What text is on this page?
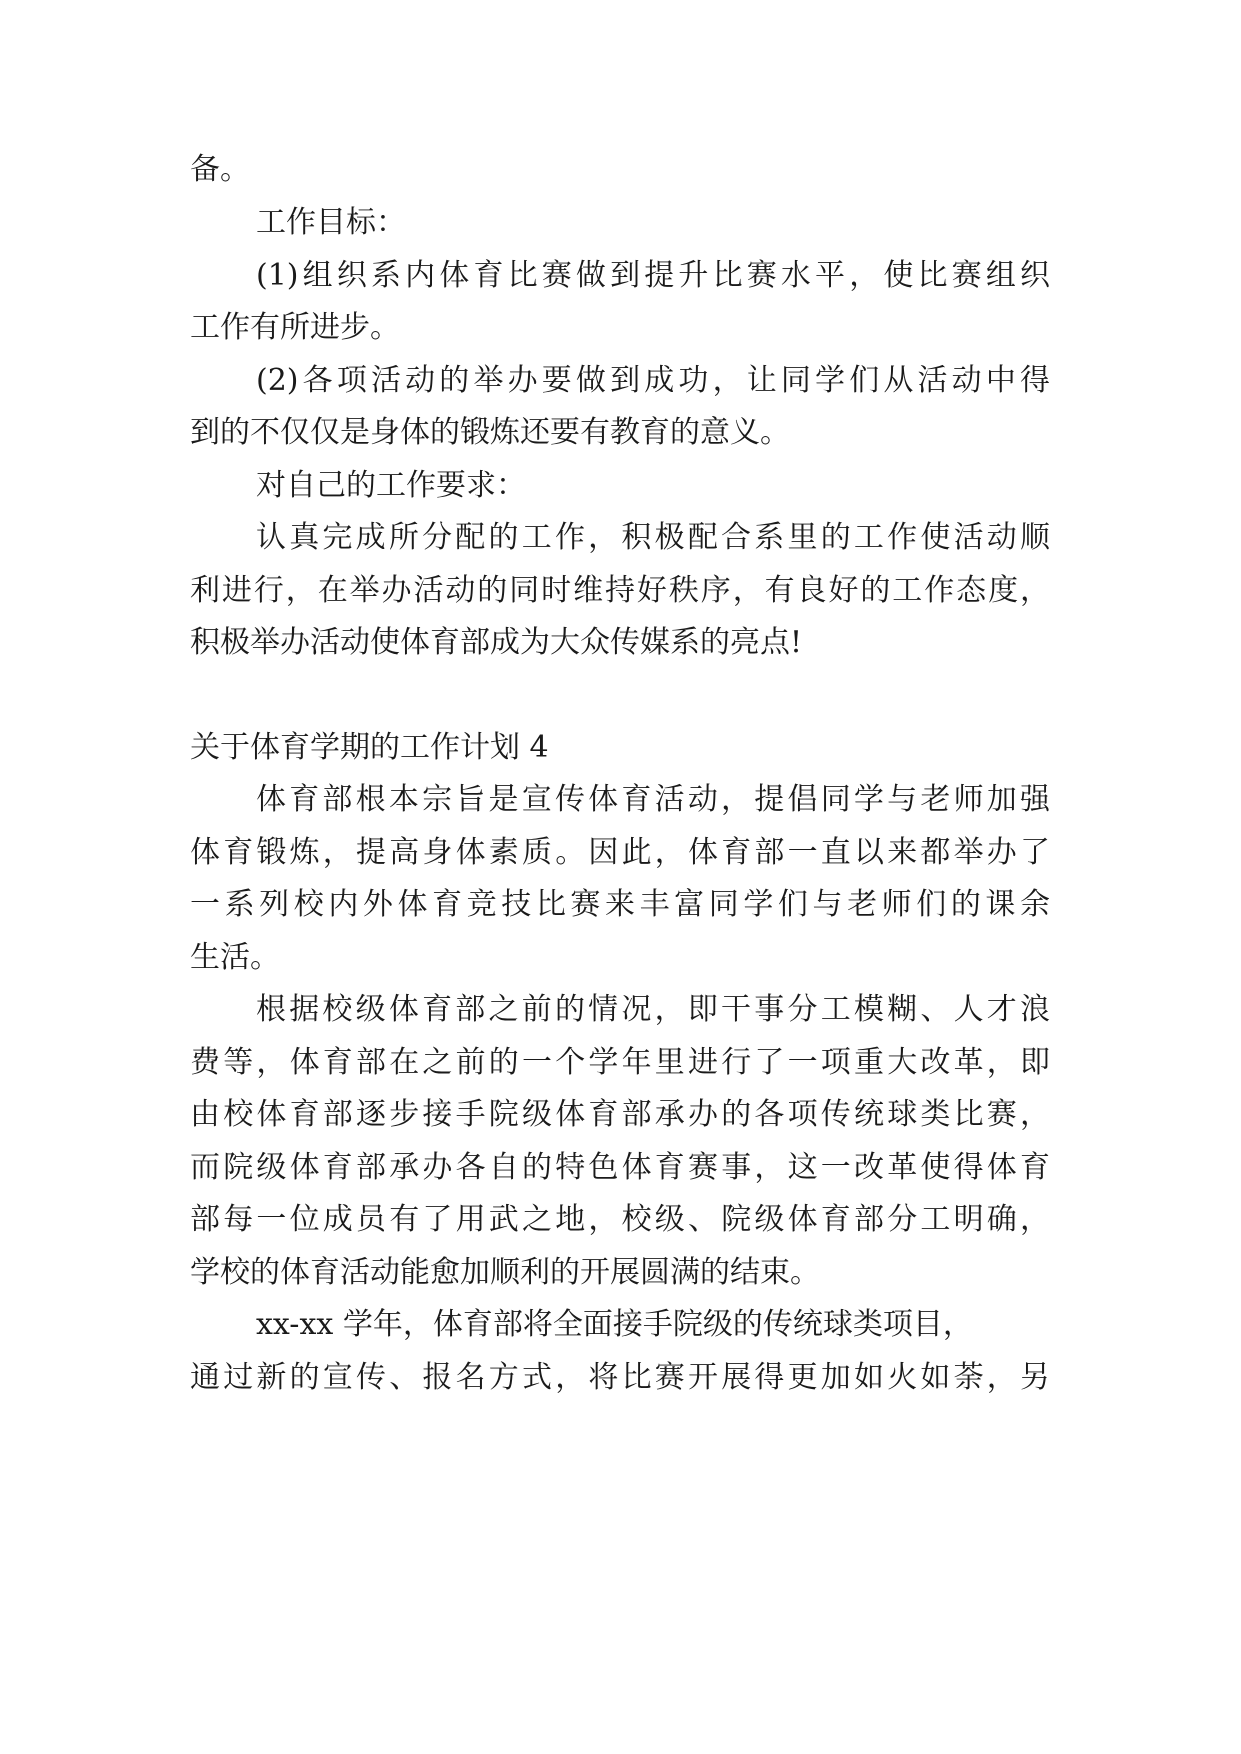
备。
工作目标：
(1)组织系内体育比赛做到提升比赛水平，使比赛组织
工作有所进步。
(2)各项活动的举办要做到成功，让同学们从活动中得
到的不仅仅是身体的锻炼还要有教育的意义。
对自己的工作要求：
认真完成所分配的工作，积极配合系里的工作使活动顺
利进行，在举办活动的同时维持好秩序，有良好的工作态度，
积极举办活动使体育部成为大众传媒系的亮点!
关于体育学期的工作计划 4
体育部根本宗旨是宣传体育活动，提倡同学与老师加强
体育锻炼，提高身体素质。因此，体育部一直以来都举办了
一系列校内外体育竞技比赛来丰富同学们与老师们的课余
生活。
根据校级体育部之前的情况，即干事分工模糊、人才浪
费等，体育部在之前的一个学年里进行了一项重大改革，即
由校体育部逐步接手院级体育部承办的各项传统球类比赛，
而院级体育部承办各自的特色体育赛事，这一改革使得体育
部每一位成员有了用武之地，校级、院级体育部分工明确，
学校的体育活动能愈加顺利的开展圆满的结束。
xx-xx 学年，体育部将全面接手院级的传统球类项目，
通过新的宣传、报名方式，将比赛开展得更加如火如荼，另
